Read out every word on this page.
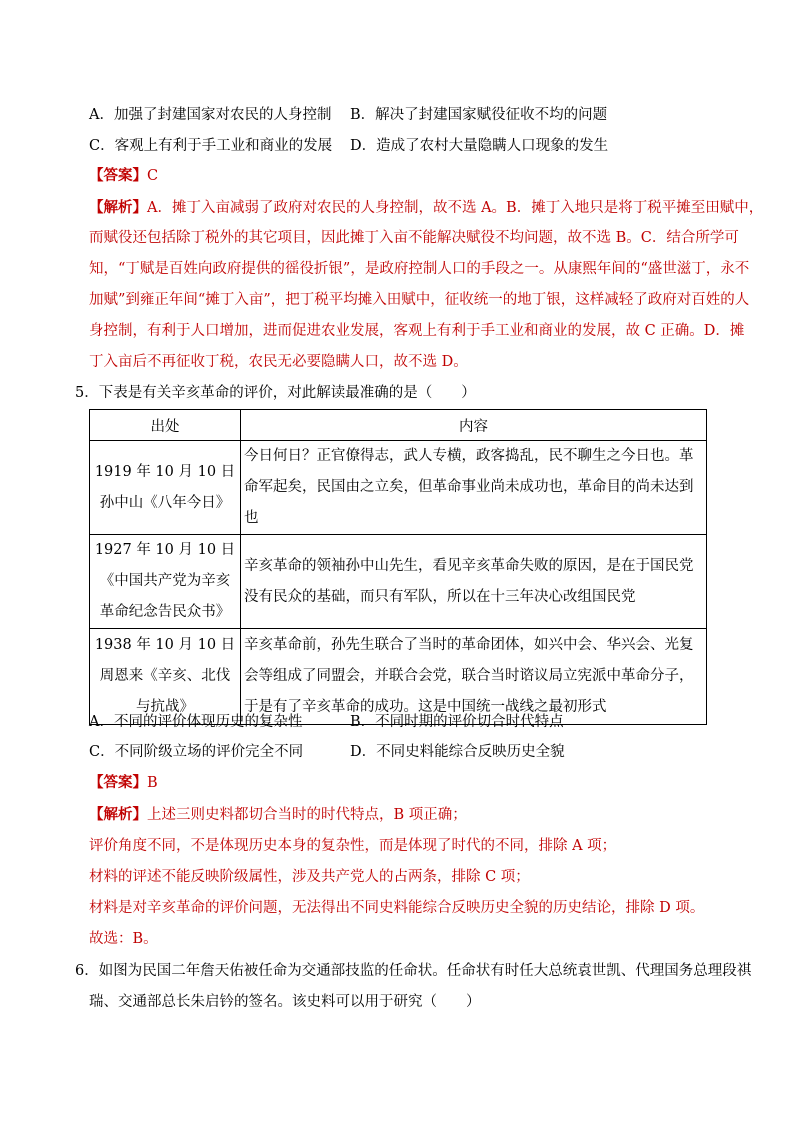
A．加强了封建国家对农民的人身控制 B．解决了封建国家赋役征收不均的问题
C．客观上有利于手工业和商业的发展 D．造成了农村大量隐瞒人口现象的发生
【答案】C
【解析】A．摊丁入亩减弱了政府对农民的人身控制，故不选 A。B．摊丁入地只是将丁税平摊至田赋中，
而赋役还包括除丁税外的其它项目，因此摊丁入亩不能解决赋役不均问题，故不选 B。C．结合所学可
知，“丁赋是百姓向政府提供的徭役折银”，是政府控制人口的手段之一。从康熙年间的“盛世滋丁，永不
加赋”到雍正年间“摊丁入亩”，把丁税平均摊入田赋中，征收统一的地丁银，这样减轻了政府对百姓的人
身控制，有利于人口增加，进而促进农业发展，客观上有利于手工业和商业的发展，故 C 正确。D．摊
丁入亩后不再征收丁税，农民无必要隐瞒人口，故不选 D。
5．下表是有关辛亥革命的评价，对此解读最准确的是（　　）
出处	内容
1919 年 10 月 10 日孙中山《八年今日》	今日何日？正官僚得志，武人专横，政客捣乱，民不聊生之今日也。革命军起矣，民国由之立矣，但革命事业尚未成功也，革命目的尚未达到也
1927 年 10 月 10 日《中国共产党为辛亥革命纪念告民众书》	辛亥革命的领袖孙中山先生，看见辛亥革命失败的原因，是在于国民党没有民众的基础，而只有军队，所以在十三年决心改组国民党
1938 年 10 月 10 日周恩来《辛亥、北伐与抗战》	辛亥革命前，孙先生联合了当时的革命团体，如兴中会、华兴会、光复会等组成了同盟会，并联合会党，联合当时谘议局立宪派中革命分子，于是有了辛亥革命的成功。这是中国统一战线之最初形式
A．不同的评价体现历史的复杂性	B．不同时期的评价切合时代特点
C．不同阶级立场的评价完全不同	D．不同史料能综合反映历史全貌
【答案】B
【解析】上述三则史料都切合当时的时代特点，B 项正确；
评价角度不同，不是体现历史本身的复杂性，而是体现了时代的不同，排除 A 项；
材料的评述不能反映阶级属性，涉及共产党人的占两条，排除 C 项；
材料是对辛亥革命的评价问题，无法得出不同史料能综合反映历史全貌的历史结论，排除 D 项。
故选：B。
6．如图为民国二年詹天佑被任命为交通部技监的任命状。任命状有时任大总统袁世凯、代理国务总理段祺
瑞、交通部总长朱启钤的签名。该史料可以用于研究（　　）
